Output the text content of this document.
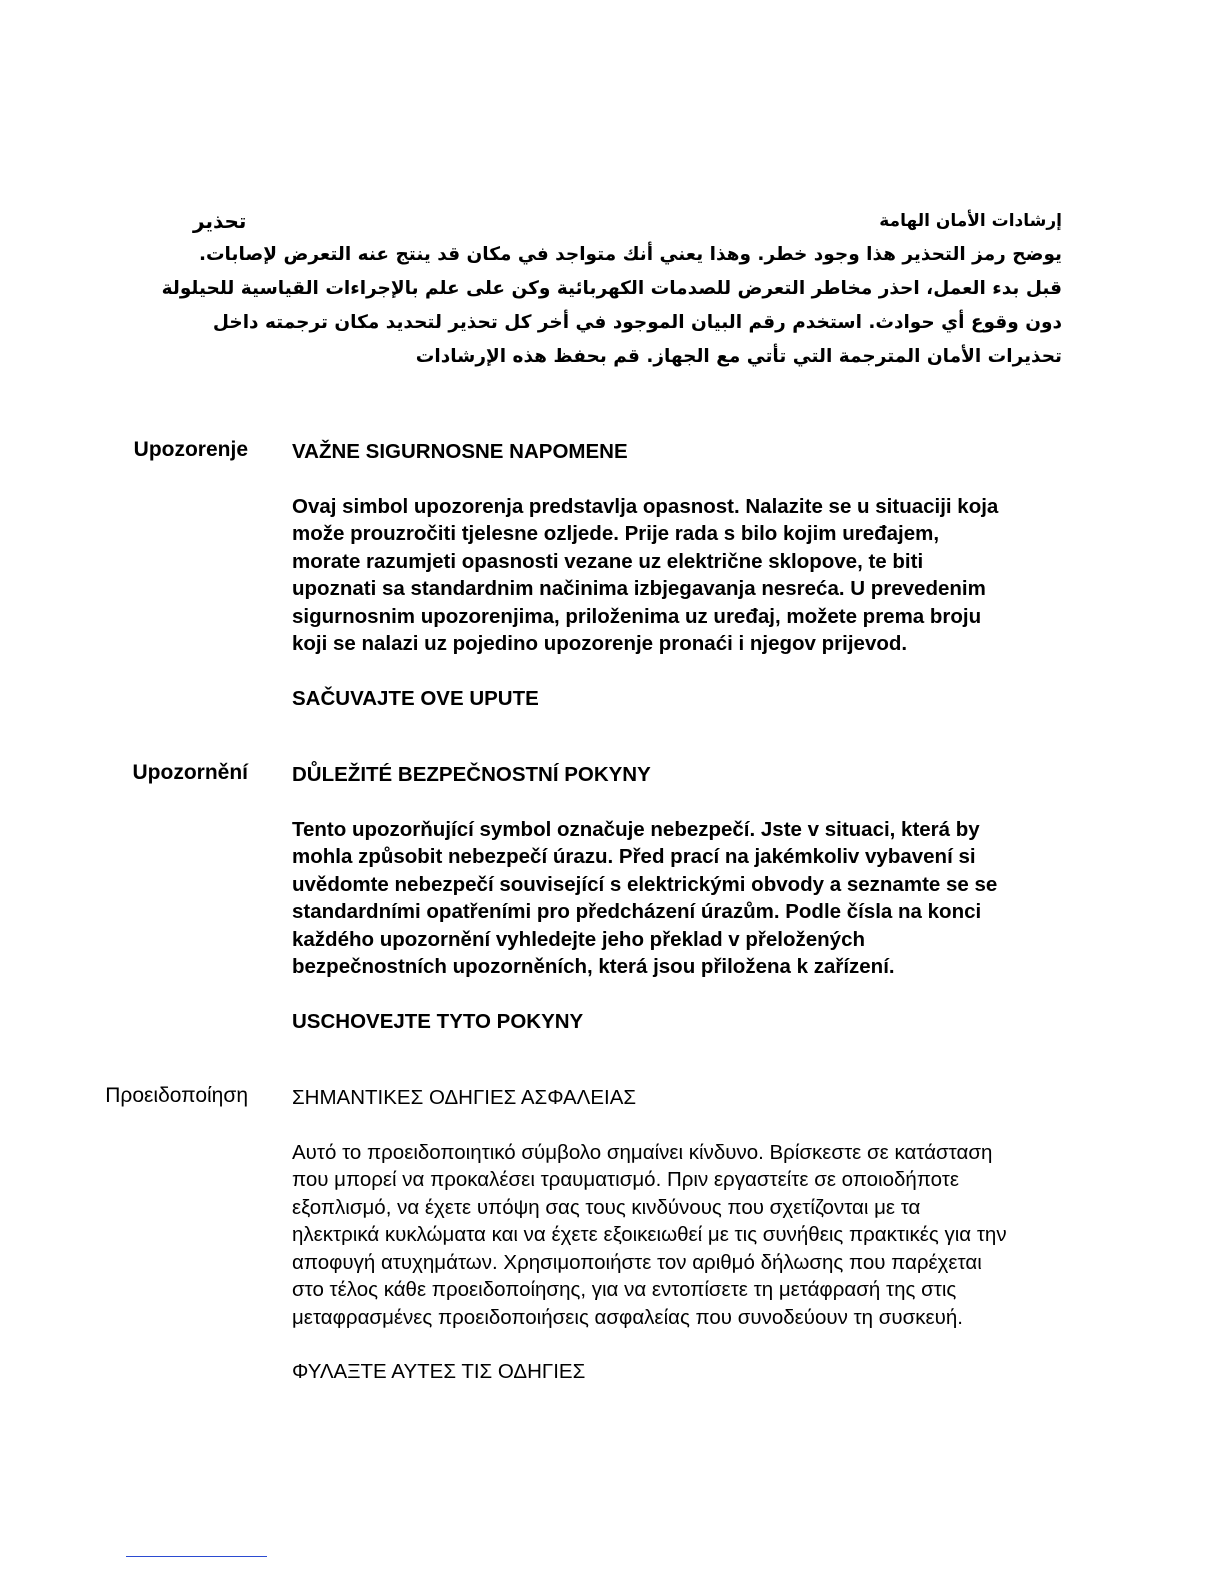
تحذير	إرشادات الأمان الهامة

يوضح رمز التحذير هذا وجود خطر. وهذا يعني أنك متواجد في مكان قد ينتج عنه التعرض لإصابات.
قبل بدء العمل، احذر مخاطر التعرض للصدمات الكهربائية وكن على علم بالإجراءات القياسية للحيلولة
دون وقوع أي حوادث. استخدم رقم البيان الموجود في أخر كل تحذير لتحديد مكان ترجمته داخل
تحذيرات الأمان المترجمة التي تأتي مع الجهاز. قم بحفظ هذه الإرشادات

Upozorenje VAŽNE SIGURNOSNE NAPOMENE

Ovaj simbol upozorenja predstavlja opasnost. Nalazite se u situaciji koja
može prouzročiti tjelesne ozljede. Prije rada s bilo kojim uređajem,
morate razumjeti opasnosti vezane uz električne sklopove, te biti
upoznati sa standardnim načinima izbjegavanja nesreća. U prevedenim
sigurnosnim upozorenjima, priloženima uz uređaj, možete prema broju
koji se nalazi uz pojedino upozorenje pronaći i njegov prijevod.

SAČUVAJTE OVE UPUTE

Upozornění DŮLEŽITÉ BEZPEČNOSTNÍ POKYNY

Tento upozorňující symbol označuje nebezpečí. Jste v situaci, která by
mohla způsobit nebezpečí úrazu. Před prací na jakémkoliv vybavení si
uvědomte nebezpečí související s elektrickými obvody a seznamte se se
standardními opatřeními pro předcházení úrazům. Podle čísla na konci
každého upozornění vyhledejte jeho překlad v přeložených
bezpečnostních upozorněních, která jsou přiložena k zařízení.

USCHOVEJTE TYTO POKYNY

Προειδοποίηση ΣΗΜΑΝΤΙΚΕΣ ΟΔΗΓΙΕΣ ΑΣΦΑΛΕΙΑΣ

Αυτό το προειδοποιητικό σύμβολο σημαίνει κίνδυνο. Βρίσκεστε σε κατάσταση
που μπορεί να προκαλέσει τραυματισμό. Πριν εργαστείτε σε οποιοδήποτε
εξοπλισμό, να έχετε υπόψη σας τους κινδύνους που σχετίζονται με τα
ηλεκτρικά κυκλώματα και να έχετε εξοικειωθεί με τις συνήθεις πρακτικές για την
αποφυγή ατυχημάτων. Χρησιμοποιήστε τον αριθμό δήλωσης που παρέχεται
στο τέλος κάθε προειδοποίησης, για να εντοπίσετε τη μετάφρασή της στις
μεταφρασμένες προειδοποιήσεις ασφαλείας που συνοδεύουν τη συσκευή.

ΦΥΛΑΞΤΕ ΑΥΤΕΣ ΤΙΣ ΟΔΗΓΙΕΣ
